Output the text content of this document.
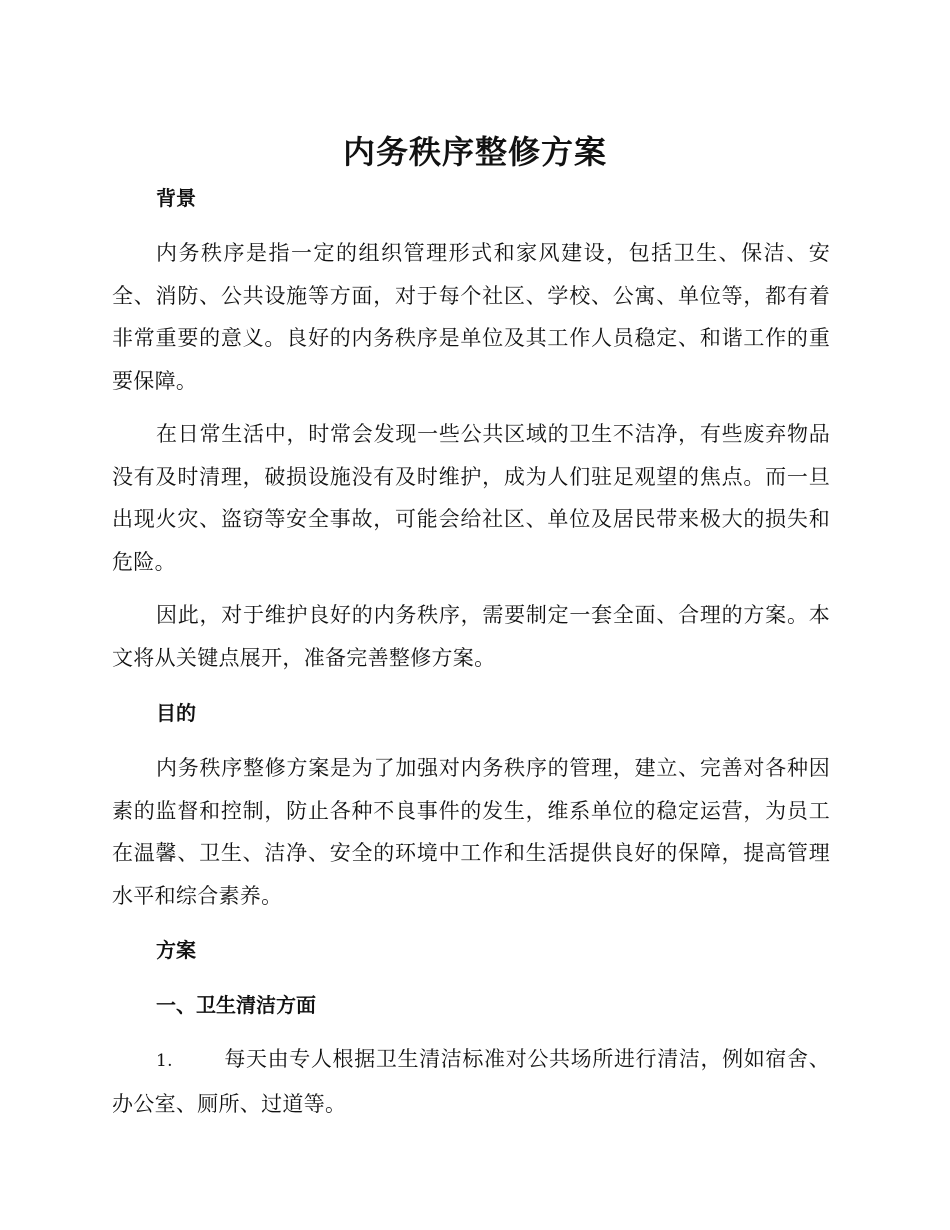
内务秩序整修方案
背景
内务秩序是指一定的组织管理形式和家风建设，包括卫生、保洁、安全、消防、公共设施等方面，对于每个社区、学校、公寓、单位等，都有着非常重要的意义。良好的内务秩序是单位及其工作人员稳定、和谐工作的重要保障。
在日常生活中，时常会发现一些公共区域的卫生不洁净，有些废弃物品没有及时清理，破损设施没有及时维护，成为人们驻足观望的焦点。而一旦出现火灾、盗窃等安全事故，可能会给社区、单位及居民带来极大的损失和危险。
因此，对于维护良好的内务秩序，需要制定一套全面、合理的方案。本文将从关键点展开，准备完善整修方案。
目的
内务秩序整修方案是为了加强对内务秩序的管理，建立、完善对各种因素的监督和控制，防止各种不良事件的发生，维系单位的稳定运营，为员工在温馨、卫生、洁净、安全的环境中工作和生活提供良好的保障，提高管理水平和综合素养。
方案
一、卫生清洁方面
1. 每天由专人根据卫生清洁标准对公共场所进行清洁，例如宿舍、办公室、厕所、过道等。
